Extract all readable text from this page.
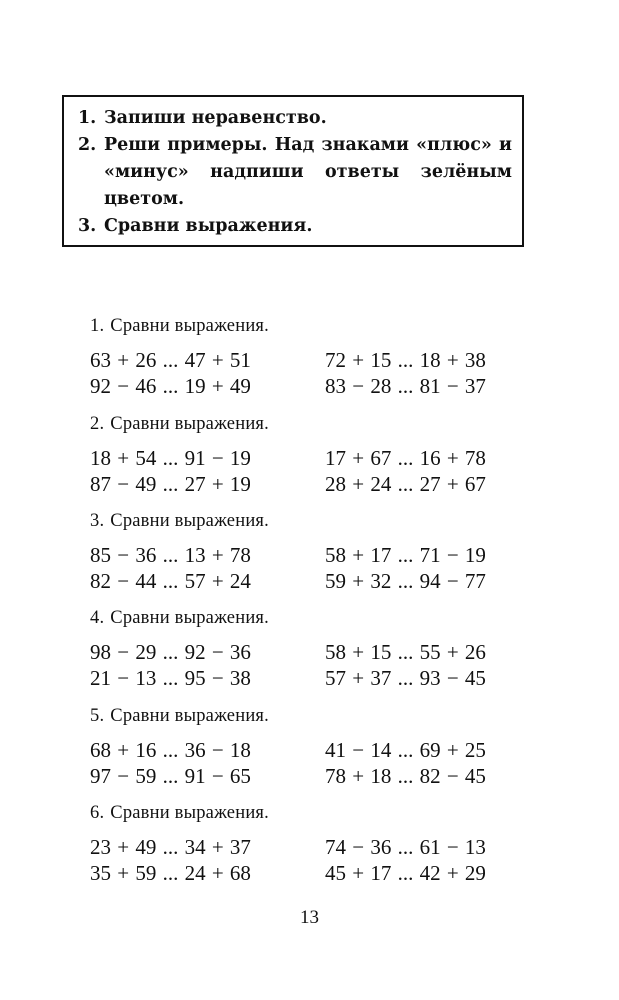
1. Запиши неравенство.
2. Реши примеры. Над знаками «плюс» и «минус» надпиши ответы зелёным цветом.
3. Сравни выражения.
1. Сравни выражения.
63 + 26 ... 47 + 51	72 + 15 ... 18 + 38
92 − 46 ... 19 + 49	83 − 28 ... 81 − 37
2. Сравни выражения.
18 + 54 ... 91 − 19	17 + 67 ... 16 + 78
87 − 49 ... 27 + 19	28 + 24 ... 27 + 67
3. Сравни выражения.
85 − 36 ... 13 + 78	58 + 17 ... 71 − 19
82 − 44 ... 57 + 24	59 + 32 ... 94 − 77
4. Сравни выражения.
98 − 29 ... 92 − 36	58 + 15 ... 55 + 26
21 − 13 ... 95 − 38	57 + 37 ... 93 − 45
5. Сравни выражения.
68 + 16 ... 36 − 18	41 − 14 ... 69 + 25
97 − 59 ... 91 − 65	78 + 18 ... 82 − 45
6. Сравни выражения.
23 + 49 ... 34 + 37	74 − 36 ... 61 − 13
35 + 59 ... 24 + 68	45 + 17 ... 42 + 29
13
